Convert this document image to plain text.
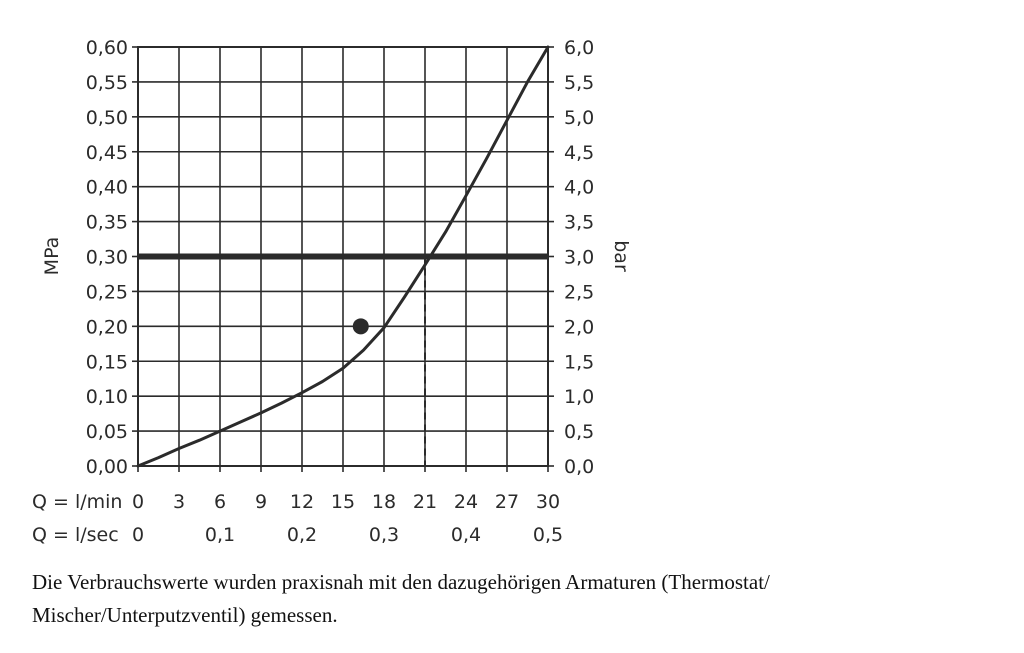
0,00
0,05
0,10
0,15
0,20
0,25
0,30
0,35
0,40
0,45
0,50
0,55
0,60
0,0
0,5
1,0
1,5
2,0
2,5
3,0
3,5
4,0
4,5
5,0
5,5
6,0
0 3 6 9 12 15 18 21 24 27 30
0	0,1	0,2	0,3	0,4	0,5
MPa	bar
Q = l/min
Q = l/sec
Die Verbrauchswerte wurden praxisnah mit den dazugehörigen Armaturen (Thermostat/
Mischer/Unterputzventil) gemessen.
